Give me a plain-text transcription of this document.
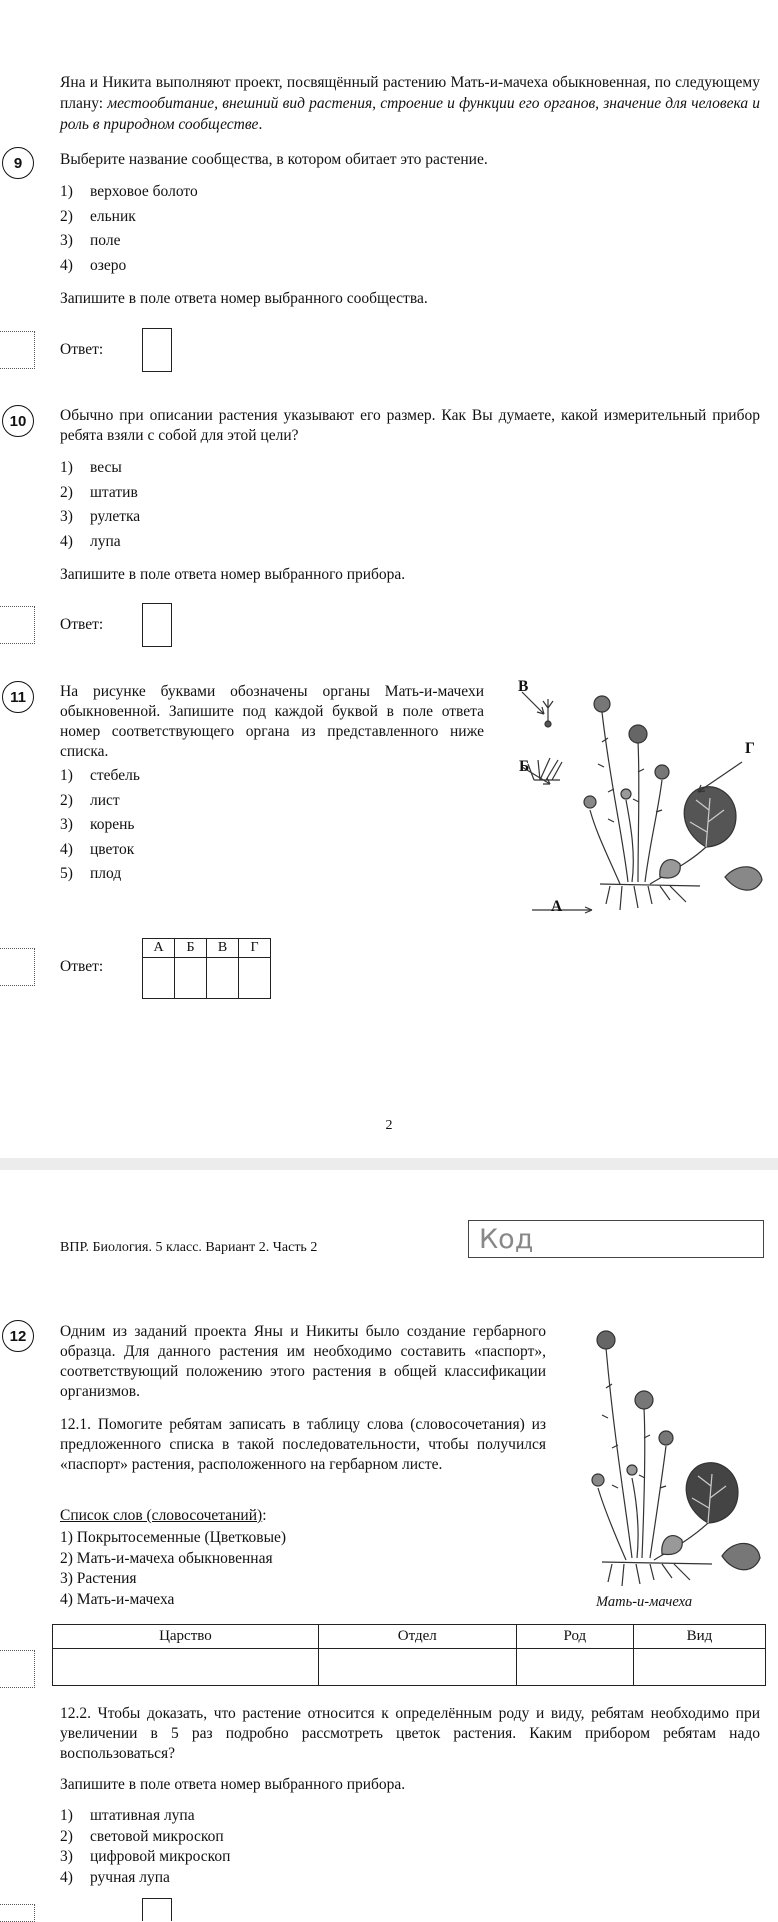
Яна и Никита выполняют проект, посвящённый растению Мать-и-мачеха обыкновенная, по следующему плану: местообитание, внешний вид растения, строение и функции его органов, значение для человека и роль в природном сообществе.

9	Выберите название сообщества, в котором обитает это растение.

1) верховое болото
2) ельник
3) поле
4) озеро

Запишите в поле ответа номер выбранного сообщества.

Ответ:

10	Обычно при описании растения указывают его размер. Как Вы думаете, какой измерительный прибор ребята взяли с собой для этой цели?

1) весы
2) штатив
3) рулетка
4) лупа

Запишите в поле ответа номер выбранного прибора.

Ответ:

11	На рисунке буквами обозначены органы Мать-и-мачехи обыкновенной. Запишите под каждой буквой в поле ответа номер соответствующего органа из представленного ниже списка.

1) стебель
2) лист
3) корень
4) цветок
5) плод
В
Б
Г
А

Ответ:

А	Б	В	Г

2

ВПР. Биология. 5 класс. Вариант 2. Часть 2	Код
12	Одним из заданий проекта Яны и Никиты было создание гербарного образца. Для данного растения им необходимо составить «паспорт», соответствующий положению этого растения в общей классификации организмов.

12.1. Помогите ребятам записать в таблицу слова (словосочетания) из предложенного списка в такой последовательности, чтобы получился «паспорт» растения, расположенного на гербарном листе.

Список слов (словосочетаний):

1) Покрытосеменные (Цветковые)
2) Мать-и-мачеха обыкновенная
3) Растения
4) Мать-и-мачеха	Мать-и-мачеха

Царство	Отдел	Род	Вид

12.2. Чтобы доказать, что растение относится к определённым роду и виду, ребятам необходимо при увеличении в 5 раз подробно рассмотреть цветок растения. Каким прибором ребятам надо воспользоваться?

Запишите в поле ответа номер выбранного прибора.

1) штативная лупа
2) световой микроскоп
3) цифровой микроскоп
4) ручная лупа
